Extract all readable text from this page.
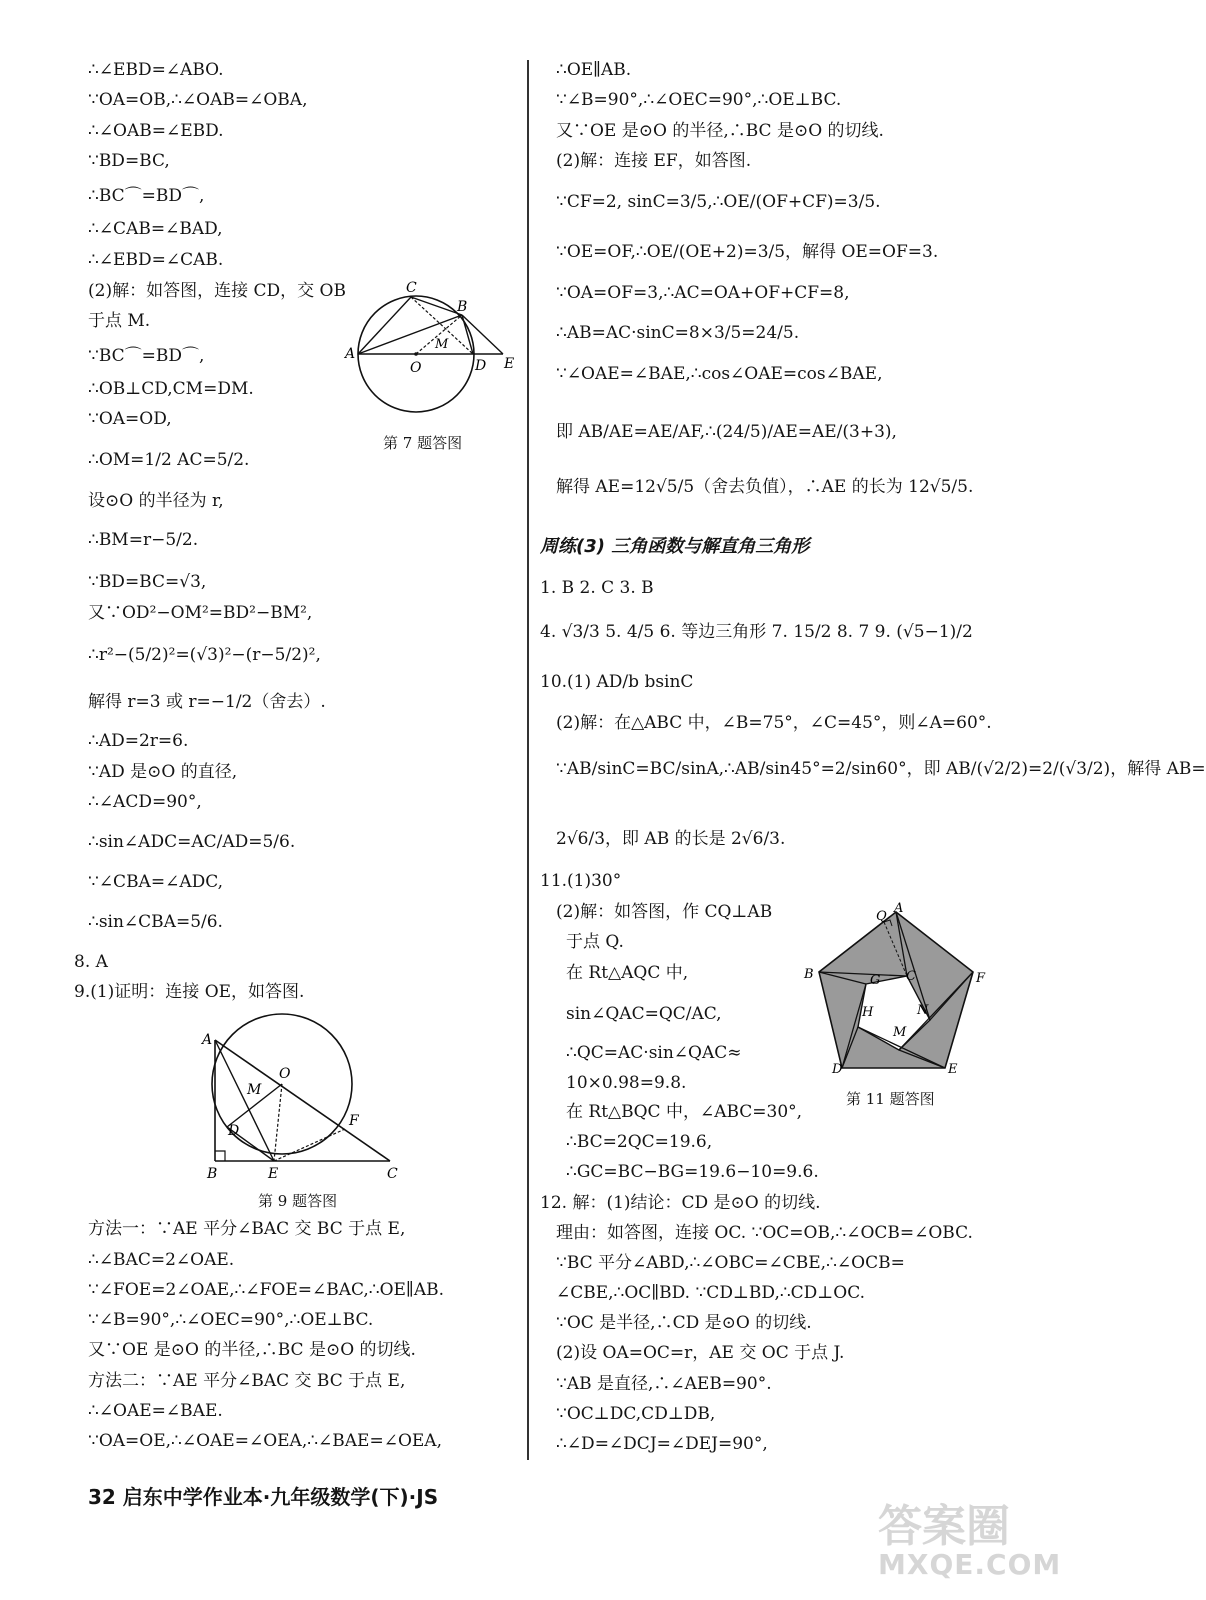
∴∠EBD=∠ABO.
∵OA=OB,∴∠OAB=∠OBA,
∴∠OAB=∠EBD.
∵BD=BC,
∴BC⌒=BD⌒,
∴∠CAB=∠BAD,
∴∠EBD=∠CAB.
(2)解：如答图，连接 CD，交 OB
于点 M.
∵BC⌒=BD⌒,
∴OB⊥CD,CM=DM.
∵OA=OD,
∴OM=1/2 AC=5/2.
设⊙O 的半径为 r,
∴BM=r−5/2.
∵BD=BC=√3,
又∵OD²−OM²=BD²−BM²,
∴r²−(5/2)²=(√3)²−(r−5/2)²,
解得 r=3 或 r=−1/2（舍去）.
∴AD=2r=6.
∵AD 是⊙O 的直径,
∴∠ACD=90°,
∴sin∠ADC=AC/AD=5/6.
∵∠CBA=∠ADC,
∴sin∠CBA=5/6.
8. A
9.(1)证明：连接 OE，如答图.
方法一：∵AE 平分∠BAC 交 BC 于点 E,
∴∠BAC=2∠OAE.
∵∠FOE=2∠OAE,∴∠FOE=∠BAC,∴OE∥AB.
∵∠B=90°,∴∠OEC=90°,∴OE⊥BC.
又∵OE 是⊙O 的半径,∴BC 是⊙O 的切线.
方法二：∵AE 平分∠BAC 交 BC 于点 E,
∴∠OAE=∠BAE.
∵OA=OE,∴∠OAE=∠OEA,∴∠BAE=∠OEA,
A
C
B
M
O	D E
第 7 题答图
A
O
M
D
F
B	E	C
第 9 题答图
∴OE∥AB.
∵∠B=90°,∴∠OEC=90°,∴OE⊥BC.
又∵OE 是⊙O 的半径,∴BC 是⊙O 的切线.
(2)解：连接 EF，如答图.
∵CF=2, sinC=3/5,∴OE/(OF+CF)=3/5.
∵OE=OF,∴OE/(OE+2)=3/5，解得 OE=OF=3.
∵OA=OF=3,∴AC=OA+OF+CF=8,
∴AB=AC·sinC=8×3/5=24/5.
∵∠OAE=∠BAE,∴cos∠OAE=cos∠BAE,
即 AB/AE=AE/AF,∴(24/5)/AE=AE/(3+3),
解得 AE=12√5/5（舍去负值），∴AE 的长为 12√5/5.
周练(3) 三角函数与解直角三角形
1. B 2. C 3. B
4. √3/3 5. 4/5 6. 等边三角形 7. 15/2 8. 7 9. (√5−1)/2
10.(1) AD/b bsinC
(2)解：在△ABC 中，∠B=75°，∠C=45°，则∠A=60°.
∵AB/sinC=BC/sinA,∴AB/sin45°=2/sin60°，即 AB/(√2/2)=2/(√3/2)，解得 AB=
2√6/3，即 AB 的长是 2√6/3.
11.(1)30°
(2)解：如答图，作 CQ⊥AB
于点 Q.
在 Rt△AQC 中,
sin∠QAC=QC/AC,
∴QC=AC·sin∠QAC≈
10×0.98=9.8.
在 Rt△BQC 中，∠ABC=30°,
∴BC=2QC=19.6,
∴GC=BC−BG=19.6−10=9.6.
12. 解：(1)结论：CD 是⊙O 的切线.
理由：如答图，连接 OC. ∵OC=OB,∴∠OCB=∠OBC.
∵BC 平分∠ABD,∴∠OBC=∠CBE,∴∠OCB=
∠CBE,∴OC∥BD. ∵CD⊥BD,∴CD⊥OC.
∵OC 是半径,∴CD 是⊙O 的切线.
(2)设 OA=OC=r，AE 交 OC 于点 J.
∵AB 是直径,∴∠AEB=90°.
∵OC⊥DC,CD⊥DB,
∴∠D=∠DCJ=∠DEJ=90°,
Q
A
B	F
G C
H	N
M
D	E
第 11 题答图
32 启东中学作业本·九年级数学(下)·JS
答案圈
MXQE.COM
